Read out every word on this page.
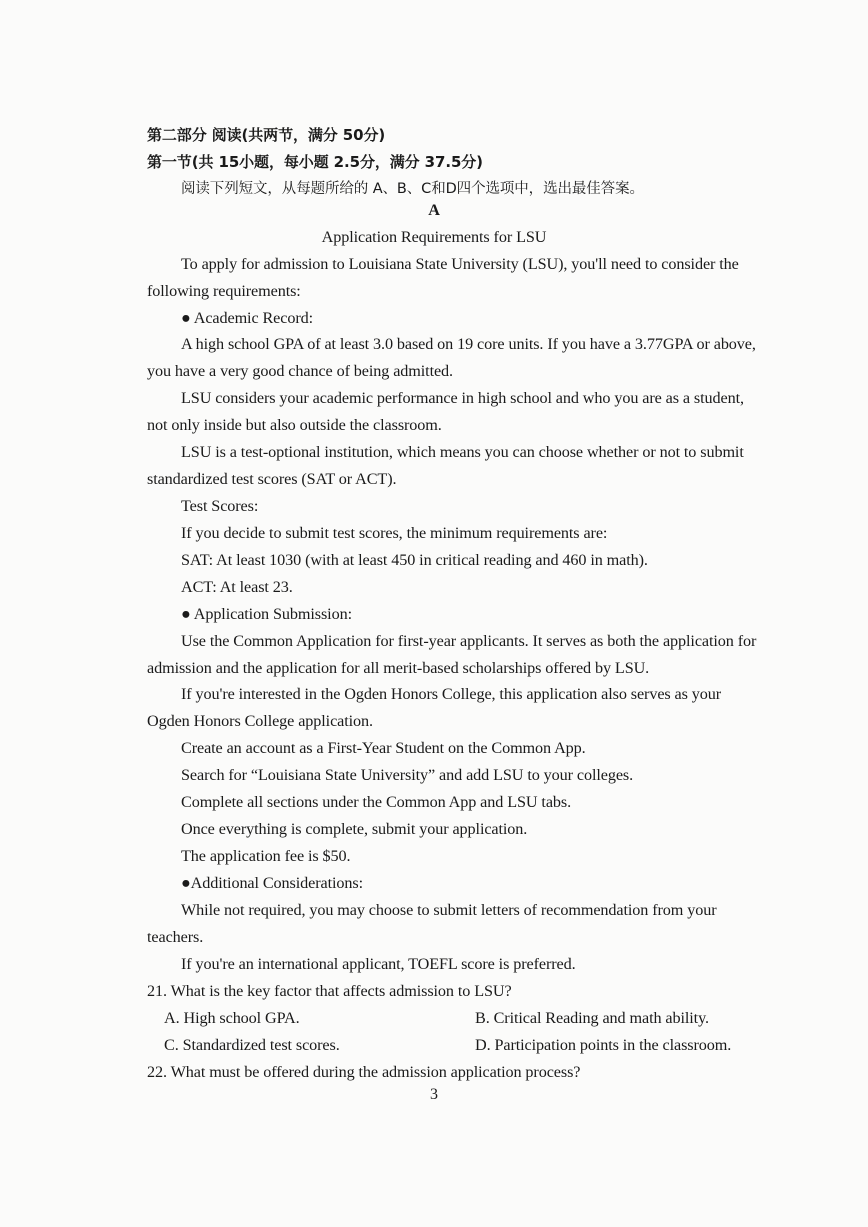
第二部分 阅读(共两节，满分 50分)
第一节(共 15小题，每小题 2.5分，满分 37.5分)
阅读下列短文，从每题所给的 A、B、C和D四个选项中，选出最佳答案。
A
Application Requirements for LSU
To apply for admission to Louisiana State University (LSU), you'll need to consider the
following requirements:
● Academic Record:
A high school GPA of at least 3.0 based on 19 core units. If you have a 3.77GPA or above,
you have a very good chance of being admitted.
LSU considers your academic performance in high school and who you are as a student,
not only inside but also outside the classroom.
LSU is a test-optional institution, which means you can choose whether or not to submit
standardized test scores (SAT or ACT).
Test Scores:
If you decide to submit test scores, the minimum requirements are:
SAT: At least 1030 (with at least 450 in critical reading and 460 in math).
ACT: At least 23.
● Application Submission:
Use the Common Application for first-year applicants. It serves as both the application for
admission and the application for all merit-based scholarships offered by LSU.
If you're interested in the Ogden Honors College, this application also serves as your
Ogden Honors College application.
Create an account as a First-Year Student on the Common App.
Search for “Louisiana State University” and add LSU to your colleges.
Complete all sections under the Common App and LSU tabs.
Once everything is complete, submit your application.
The application fee is $50.
●Additional Considerations:
While not required, you may choose to submit letters of recommendation from your
teachers.
If you're an international applicant, TOEFL score is preferred.
21. What is the key factor that affects admission to LSU?
A. High school GPA.	B. Critical Reading and math ability.
C. Standardized test scores.	D. Participation points in the classroom.
22. What must be offered during the admission application process?
3
